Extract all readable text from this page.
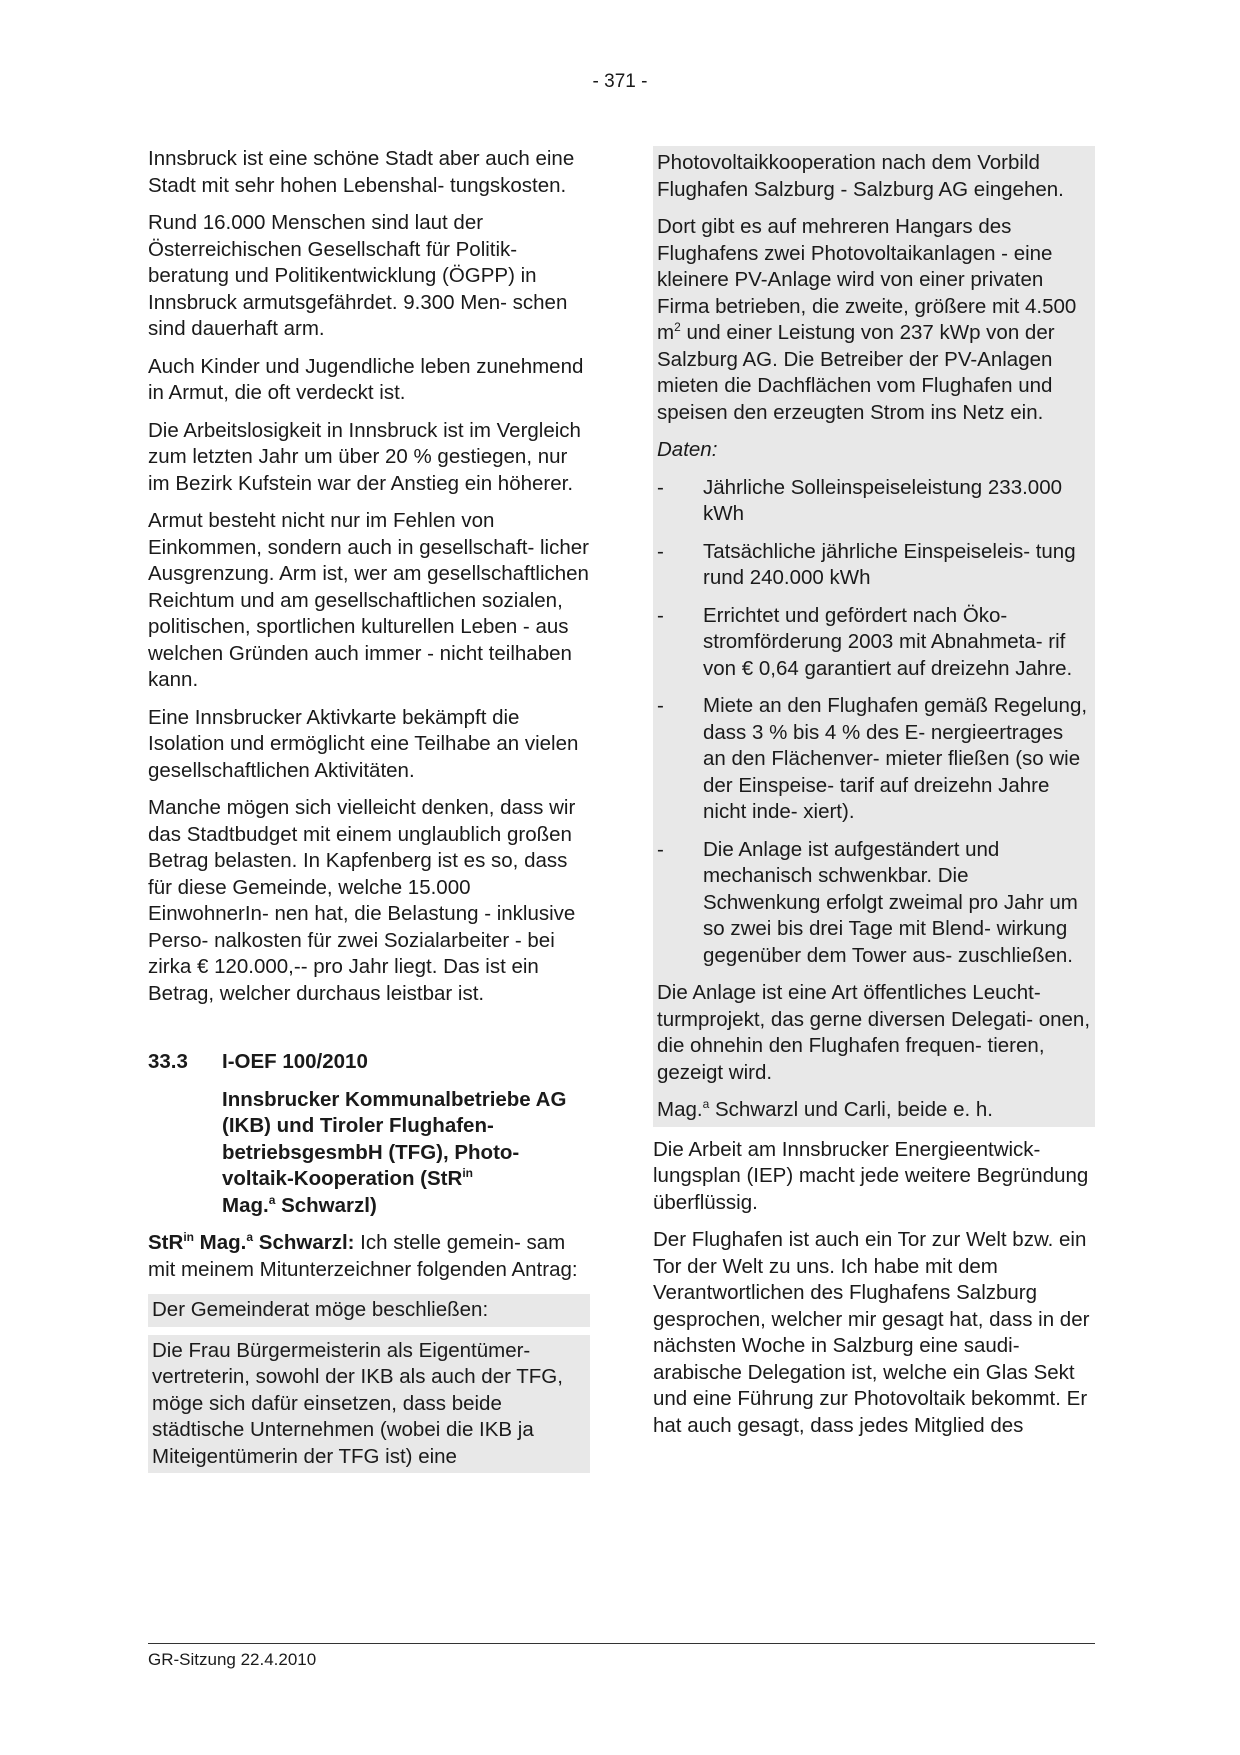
- 371 -

Innsbruck ist eine schöne Stadt aber auch eine Stadt mit sehr hohen Lebenshal- tungskosten.

Rund 16.000 Menschen sind laut der Österreichischen Gesellschaft für Politik- beratung und Politikentwicklung (ÖGPP) in Innsbruck armutsgefährdet. 9.300 Men- schen sind dauerhaft arm.

Auch Kinder und Jugendliche leben zunehmend in Armut, die oft verdeckt ist.

Die Arbeitslosigkeit in Innsbruck ist im Vergleich zum letzten Jahr um über 20 % gestiegen, nur im Bezirk Kufstein war der Anstieg ein höherer.

Armut besteht nicht nur im Fehlen von Einkommen, sondern auch in gesellschaft- licher Ausgrenzung. Arm ist, wer am gesellschaftlichen Reichtum und am gesellschaftlichen sozialen, politischen, sportlichen kulturellen Leben - aus welchen Gründen auch immer - nicht teilhaben kann.

Eine Innsbrucker Aktivkarte bekämpft die Isolation und ermöglicht eine Teilhabe an vielen gesellschaftlichen Aktivitäten.

Manche mögen sich vielleicht denken, dass wir das Stadtbudget mit einem unglaublich großen Betrag belasten. In Kapfenberg ist es so, dass für diese Gemeinde, welche 15.000 EinwohnerIn- nen hat, die Belastung - inklusive Perso- nalkosten für zwei Sozialarbeiter - bei zirka € 120.000,-- pro Jahr liegt. Das ist ein Betrag, welcher durchaus leistbar ist.

33.3	I-OEF 100/2010
Innsbrucker Kommunalbetriebe AG (IKB) und Tiroler Flughafen- betriebsgesmbH (TFG), Photo- voltaik-Kooperation (StR$^{in}$
Mag.$^a$ Schwarzl)

StR$^{in}$ Mag.$^a$ Schwarzl: Ich stelle gemein- sam mit meinem Mitunterzeichner folgenden Antrag:

Der Gemeinderat möge beschließen:

Die Frau Bürgermeisterin als Eigentümer- vertreterin, sowohl der IKB als auch der TFG, möge sich dafür einsetzen, dass beide städtische Unternehmen (wobei die IKB ja Miteigentümerin der TFG ist) eine

Photovoltaikkooperation nach dem Vorbild Flughafen Salzburg - Salzburg AG eingehen.

Dort gibt es auf mehreren Hangars des Flughafens zwei Photovoltaikanlagen - eine kleinere PV-Anlage wird von einer privaten Firma betrieben, die zweite, größere mit 4.500 $m^2$ und einer Leistung von 237 kWp von der Salzburg AG. Die Betreiber der PV-Anlagen mieten die Dachflächen vom Flughafen und speisen den erzeugten Strom ins Netz ein.

Daten:

-	Jährliche Solleinspeiseleistung 233.000 kWh
-	Tatsächliche jährliche Einspeiseleis- tung rund 240.000 kWh
-	Errichtet und gefördert nach Öko- stromförderung 2003 mit Abnahmeta- rif von € 0,64 garantiert auf dreizehn Jahre.
-	Miete an den Flughafen gemäß Regelung, dass 3 % bis 4 % des E- nergieertrages an den Flächenver- mieter fließen (so wie der Einspeise- tarif auf dreizehn Jahre nicht inde- xiert).
-	Die Anlage ist aufgeständert und mechanisch schwenkbar. Die Schwenkung erfolgt zweimal pro Jahr um so zwei bis drei Tage mit Blend- wirkung gegenüber dem Tower aus- zuschließen.

Die Anlage ist eine Art öffentliches Leucht- turmprojekt, das gerne diversen Delegati- onen, die ohnehin den Flughafen frequen- tieren, gezeigt wird.

Mag.$^a$ Schwarzl und Carli, beide e. h.

Die Arbeit am Innsbrucker Energieentwick- lungsplan (IEP) macht jede weitere Begründung überflüssig.

Der Flughafen ist auch ein Tor zur Welt bzw. ein Tor der Welt zu uns. Ich habe mit dem Verantwortlichen des Flughafens Salzburg gesprochen, welcher mir gesagt hat, dass in der nächsten Woche in Salzburg eine saudi-arabische Delegation ist, welche ein Glas Sekt und eine Führung zur Photovoltaik bekommt. Er hat auch gesagt, dass jedes Mitglied des

GR-Sitzung 22.4.2010
